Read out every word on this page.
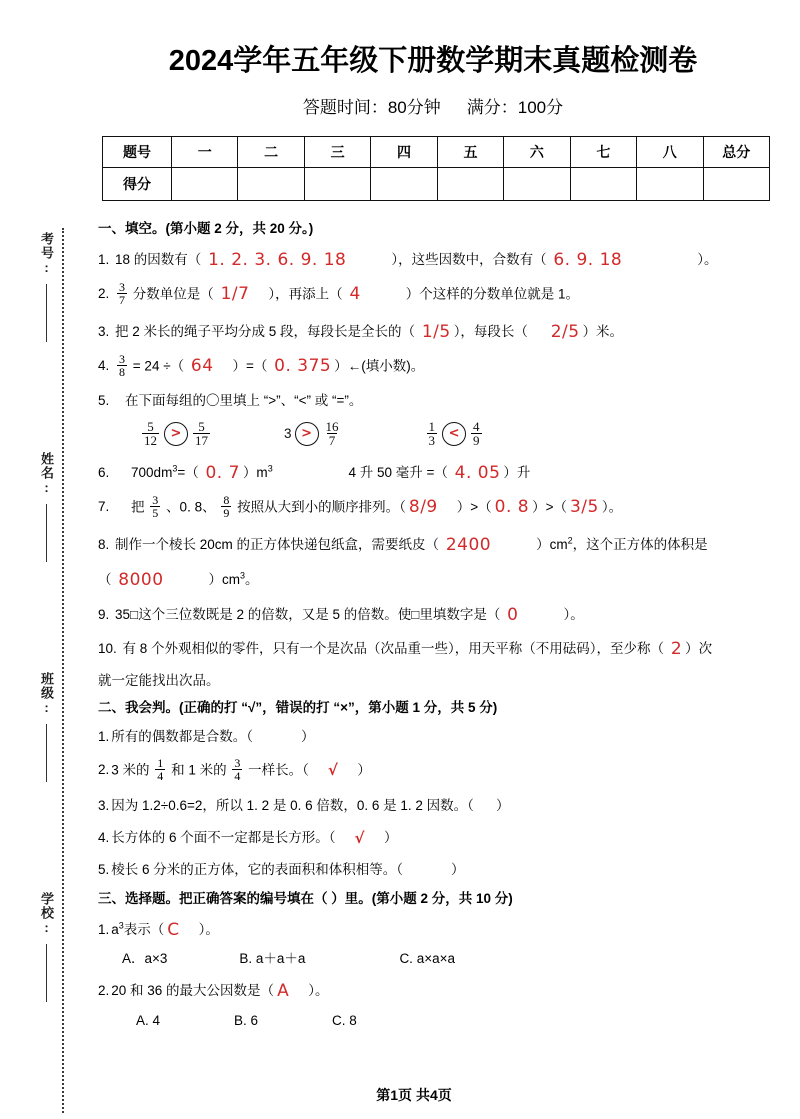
考号:
姓名:
班级:
学校:
2024学年五年级下册数学期末真题检测卷
答题时间：80分钟 满分：100分
题号	一	二	三	四	五	六	七	八	总分
得分									
一、填空。(第小题 2 分，共 20 分。)
1. 18 的因数有（ 1. 2. 3. 6. 9. 18	），这些因数中，合数有（ 6. 9. 18	）。
2. $\frac{3}{7}$ 分数单位是（ 1/7 ），再添上（ 4	）个这样的分数单位就是 1。
3. 把 2 米长的绳子平均分成 5 段，每段长是全长的（ 1/5 ），每段长（ 2/5 ）米。
4. $\frac{3}{8} = 24$ ÷（ 64 ）=（ 0. 375 ）←(填小数)。
5. 在下面每组的〇里填上 “>”、“<” 或 “=”。
$\frac{5}{12} > \frac{5}{17}$	$3 > \frac{16}{7}$	$\frac{1}{3} < \frac{4}{9}$
6. $700dm^3=$（ 0. 7 ）$m^3$	4 升 50 毫升 =（ 4. 05 ）升
7. 把 $\frac{3}{5}$ 、0. 8、 $\frac{8}{9}$ 按照从大到小的顺序排列。（ 8/9 ）>（ 0. 8 ）>（ 3/5 ）。
8. 制作一个棱长 20cm 的正方体快递包纸盒，需要纸皮（ 2400	）$cm^2$，这个正方体的体积是
（ 8000	）$cm^3$。
9. 35□这个三位数既是 2 的倍数，又是 5 的倍数。使□里填数字是（ 0	）。
10. 有 8 个外观相似的零件，只有一个是次品（次品重一些），用天平称（不用砝码），至少称（ 2 ）次
就一定能找出次品。
二、我会判。(正确的打 “√”，错误的打 “×”，第小题 1 分，共 5 分)
1. 所有的偶数都是合数。（	）
2. 3 米的 $\frac{1}{4}$ 和 1 米的 $\frac{3}{4}$ 一样长。（ √ ）
3. 因为 1.2÷0.6=2，所以 1. 2 是 0. 6 倍数，0. 6 是 1. 2 因数。（ ）
4. 长方体的 6 个面不一定都是长方形。（ √ ）
5. 棱长 6 分米的正方体，它的表面积和体积相等。（	）
三、选择题。把正确答案的编号填在（ ）里。(第小题 2 分，共 10 分)
1. $a^3$表示（ C ）。
A．a×3	B. a＋a＋a	C. a×a×a
2. 20 和 36 的最大公因数是（ A ）。
A. 4	B. 6	C. 8
第1页 共4页
